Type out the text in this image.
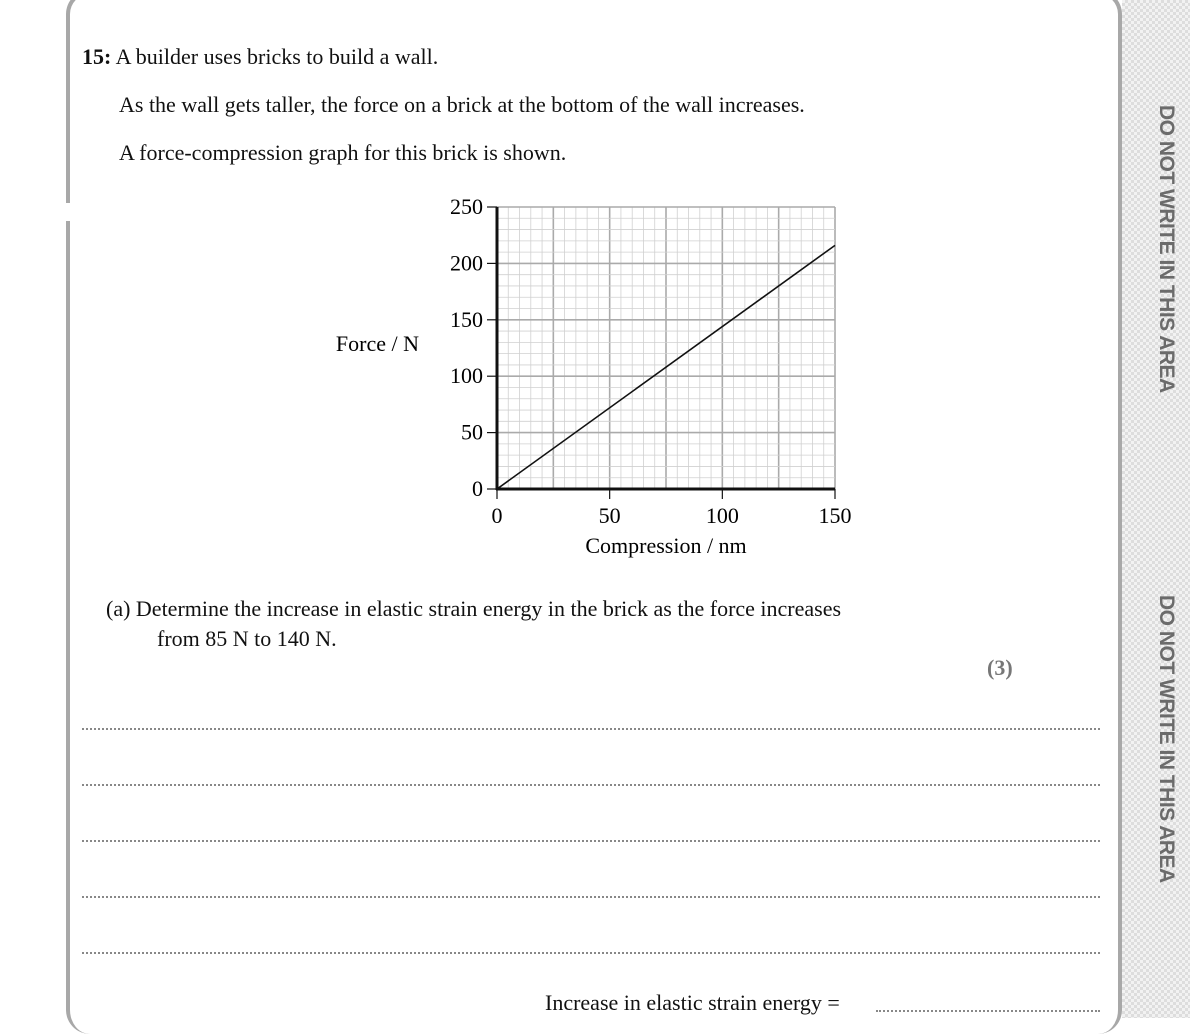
DO NOT WRITE IN THIS AREA
DO NOT WRITE IN THIS AREA
15: A builder uses bricks to build a wall.
As the wall gets taller, the force on a brick at the bottom of the wall increases.
A force-compression graph for this brick is shown.
0
50
100
150
200
250
0	50	100	150
Compression / nm
Force / N
(a) Determine the increase in elastic strain energy in the brick as the force increases
from 85 N to 140 N.
(3)
Increase in elastic strain energy =
